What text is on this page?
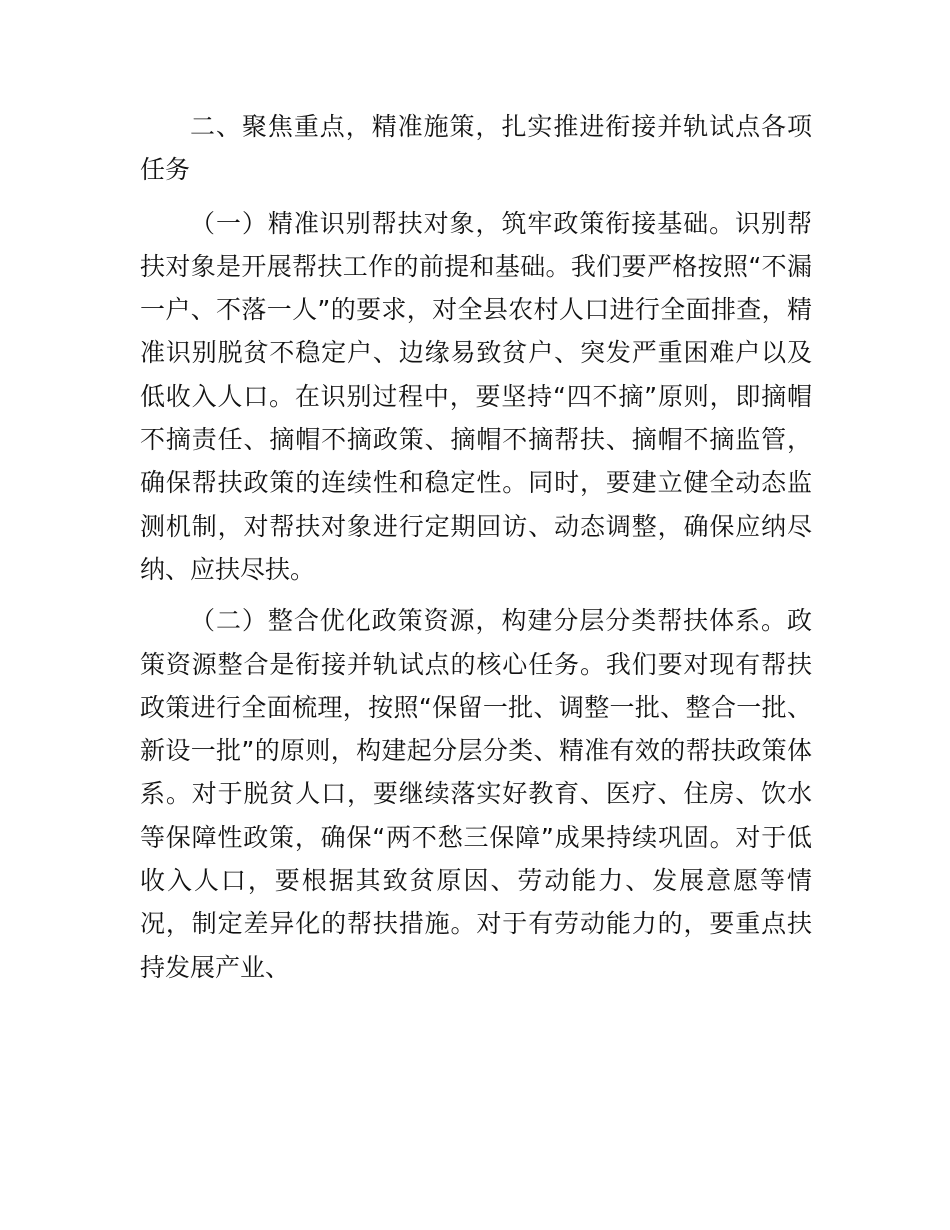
二、聚焦重点，精准施策，扎实推进衔接并轨试点各项任务

（一）精准识别帮扶对象，筑牢政策衔接基础。识别帮扶对象是开展帮扶工作的前提和基础。我们要严格按照“不漏一户、不落一人”的要求，对全县农村人口进行全面排查，精准识别脱贫不稳定户、边缘易致贫户、突发严重困难户以及低收入人口。在识别过程中，要坚持“四不摘”原则，即摘帽不摘责任、摘帽不摘政策、摘帽不摘帮扶、摘帽不摘监管，确保帮扶政策的连续性和稳定性。同时，要建立健全动态监测机制，对帮扶对象进行定期回访、动态调整，确保应纳尽纳、应扶尽扶。

（二）整合优化政策资源，构建分层分类帮扶体系。政策资源整合是衔接并轨试点的核心任务。我们要对现有帮扶政策进行全面梳理，按照“保留一批、调整一批、整合一批、新设一批”的原则，构建起分层分类、精准有效的帮扶政策体系。对于脱贫人口，要继续落实好教育、医疗、住房、饮水等保障性政策，确保“两不愁三保障”成果持续巩固。对于低收入人口，要根据其致贫原因、劳动能力、发展意愿等情况，制定差异化的帮扶措施。对于有劳动能力的，要重点扶持发展产业、
